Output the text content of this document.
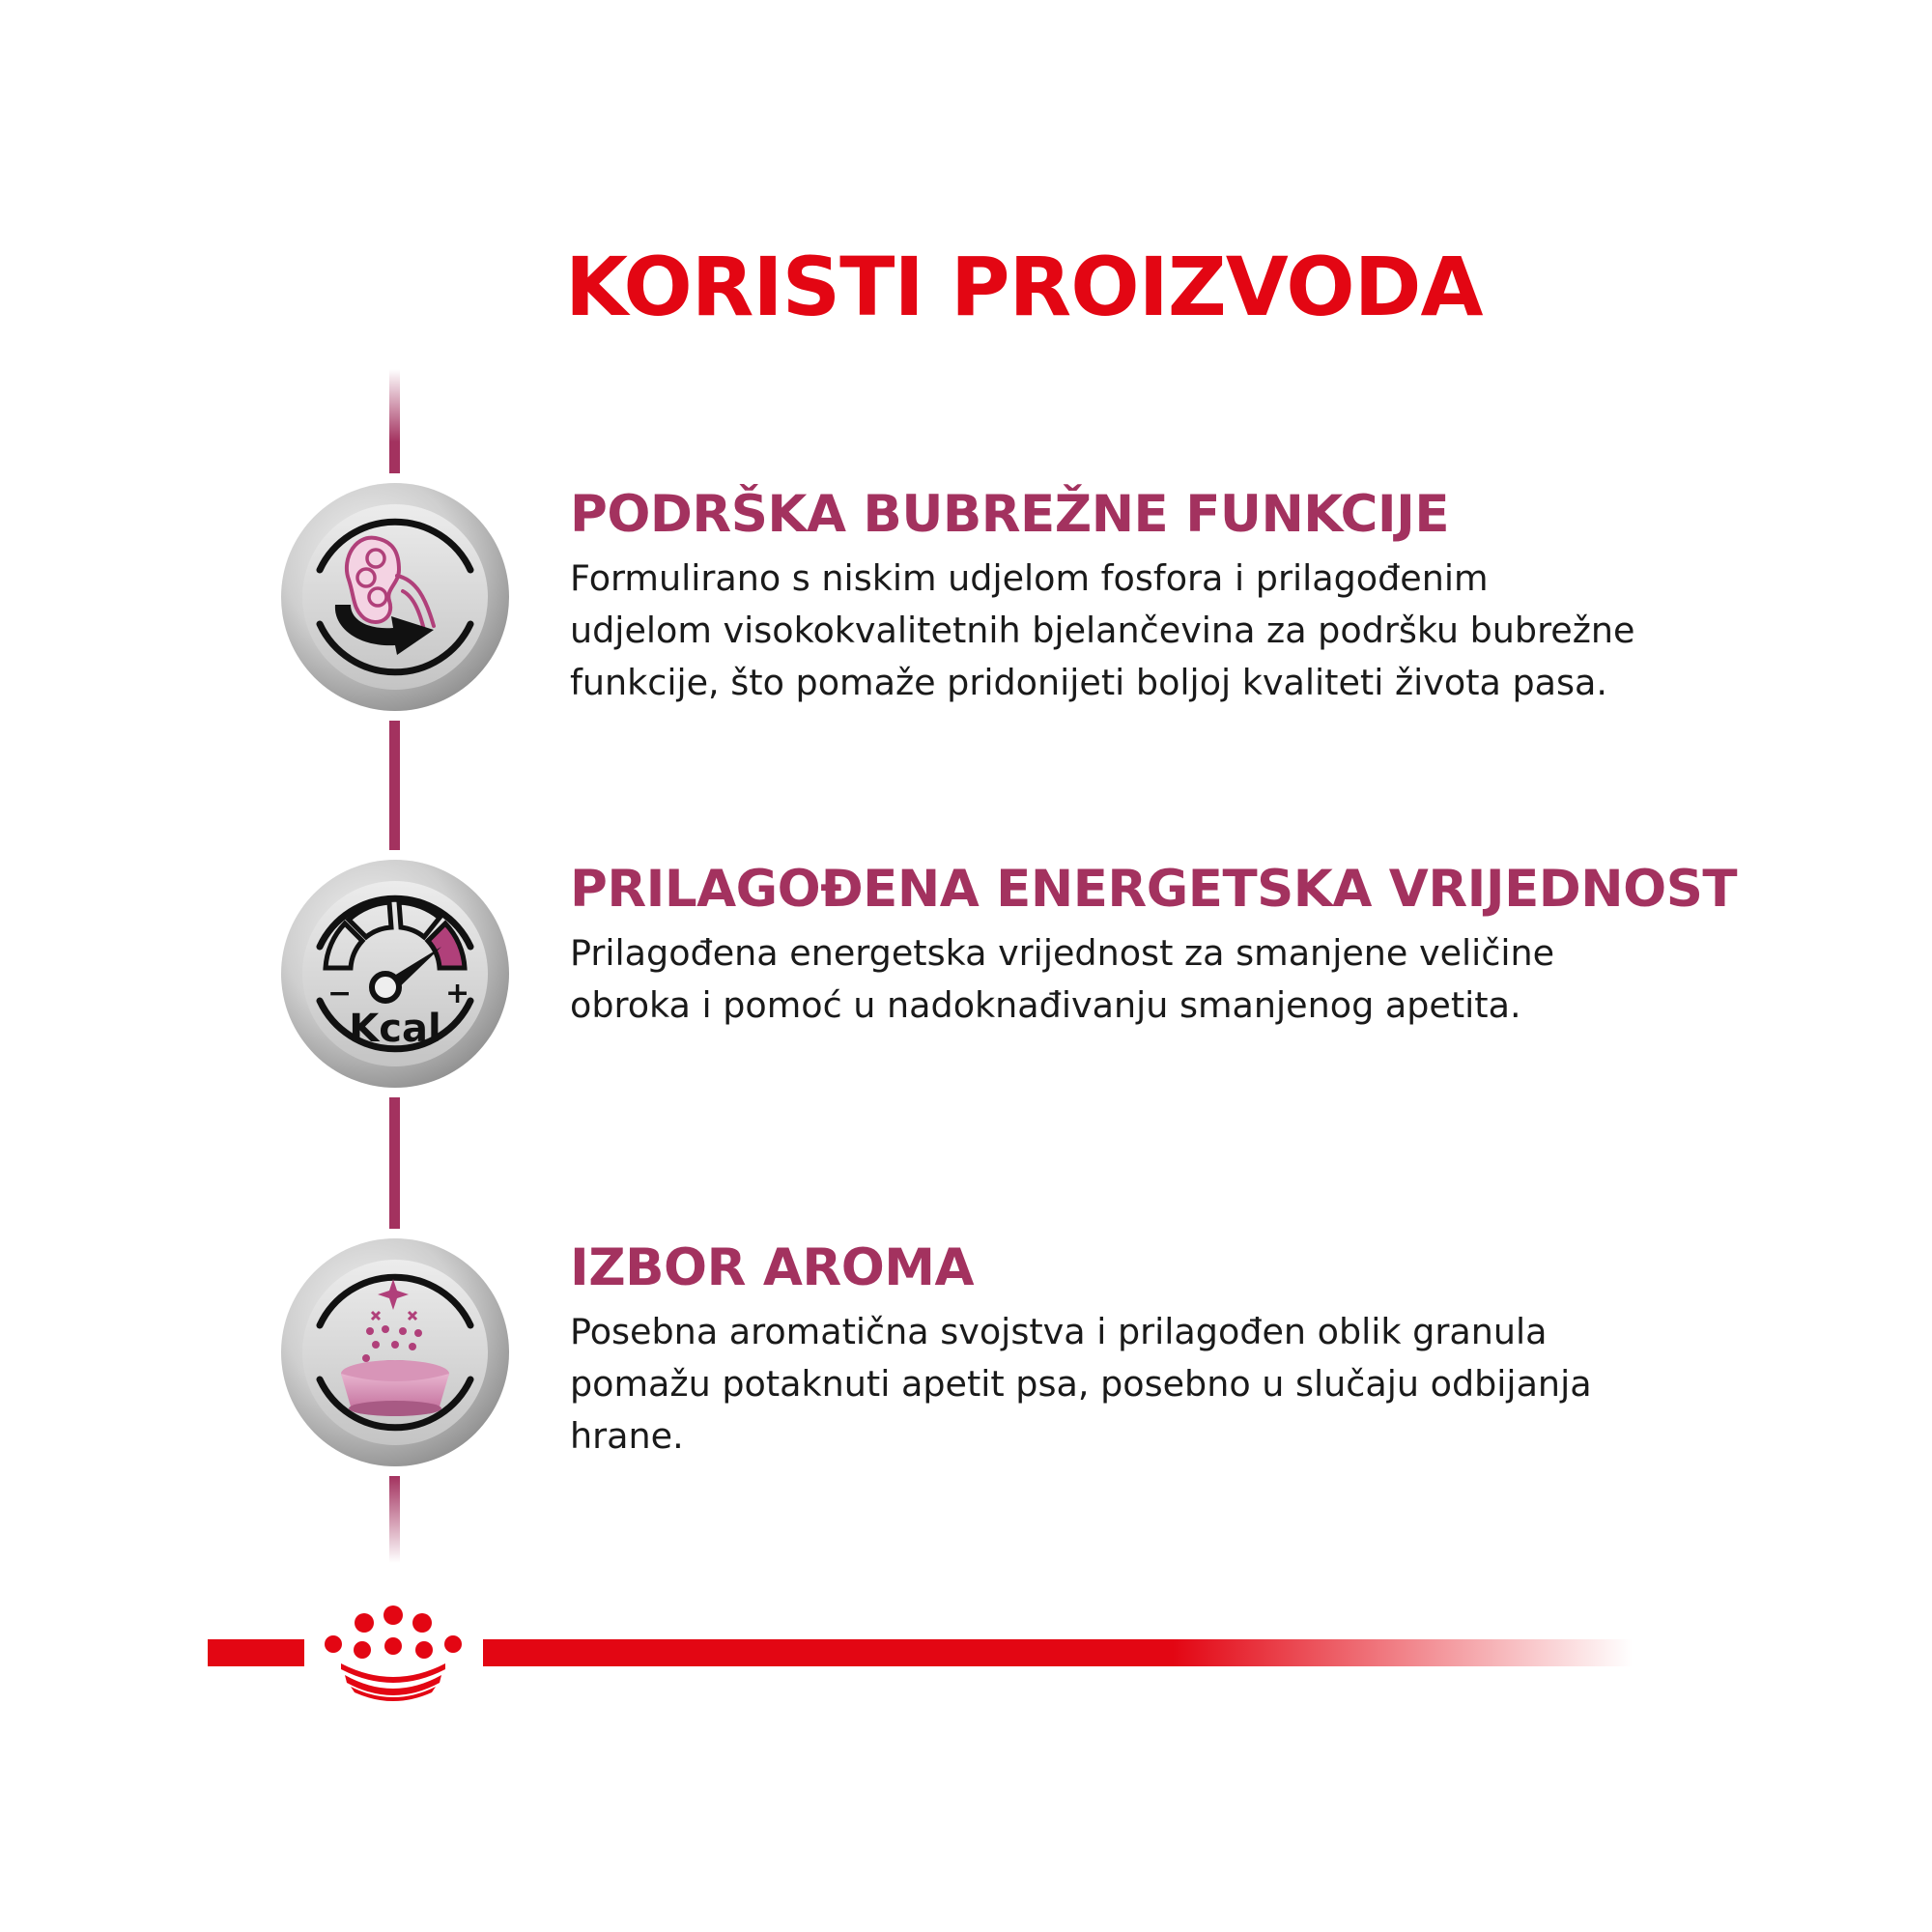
KORISTI PROIZVODA
PODRŠKA BUBREŽNE FUNKCIJE

Formulirano s niskim udjelom fosfora i prilagođenim
udjelom visokokvalitetnih bjelančevina za podršku bubrežne
funkcije, što pomaže pridonijeti boljoj kvaliteti života pasa.

−	+
Kcal
PRILAGOĐENA ENERGETSKA VRIJEDNOST

Prilagođena energetska vrijednost za smanjene veličine
obroka i pomoć u nadoknađivanju smanjenog apetita.

IZBOR AROMA

Posebna aromatična svojstva i prilagođen oblik granula
pomažu potaknuti apetit psa, posebno u slučaju odbijanja
hrane.
